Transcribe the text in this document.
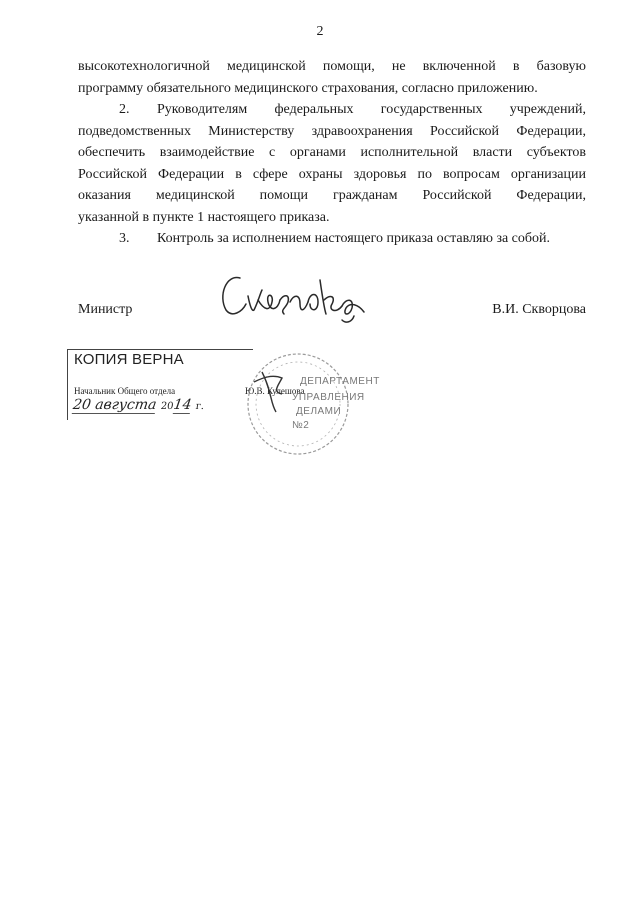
2

высокотехнологичной медицинской помощи, не включенной в базовую

программу обязательного медицинского страхования, согласно приложению.

2. Руководителям федеральных государственных учреждений,

подведомственных Министерству здравоохранения Российской Федерации,

обеспечить взаимодействие с органами исполнительной власти субъектов

Российской Федерации в сфере охраны здоровья по вопросам организации

оказания медицинской помощи гражданам Российской Федерации,

указанной в пункте 1 настоящего приказа.

3. Контроль за исполнением настоящего приказа оставляю за собой.

Министр	В.И. Скворцова
КОПИЯ ВЕРНА
Начальник Общего отдела	Ю.В. Кулешова
20 августа 2014 г.
ДЕПАРТАМЕНТ
УПРАВЛЕНИЯ
ДЕЛАМИ
№2
